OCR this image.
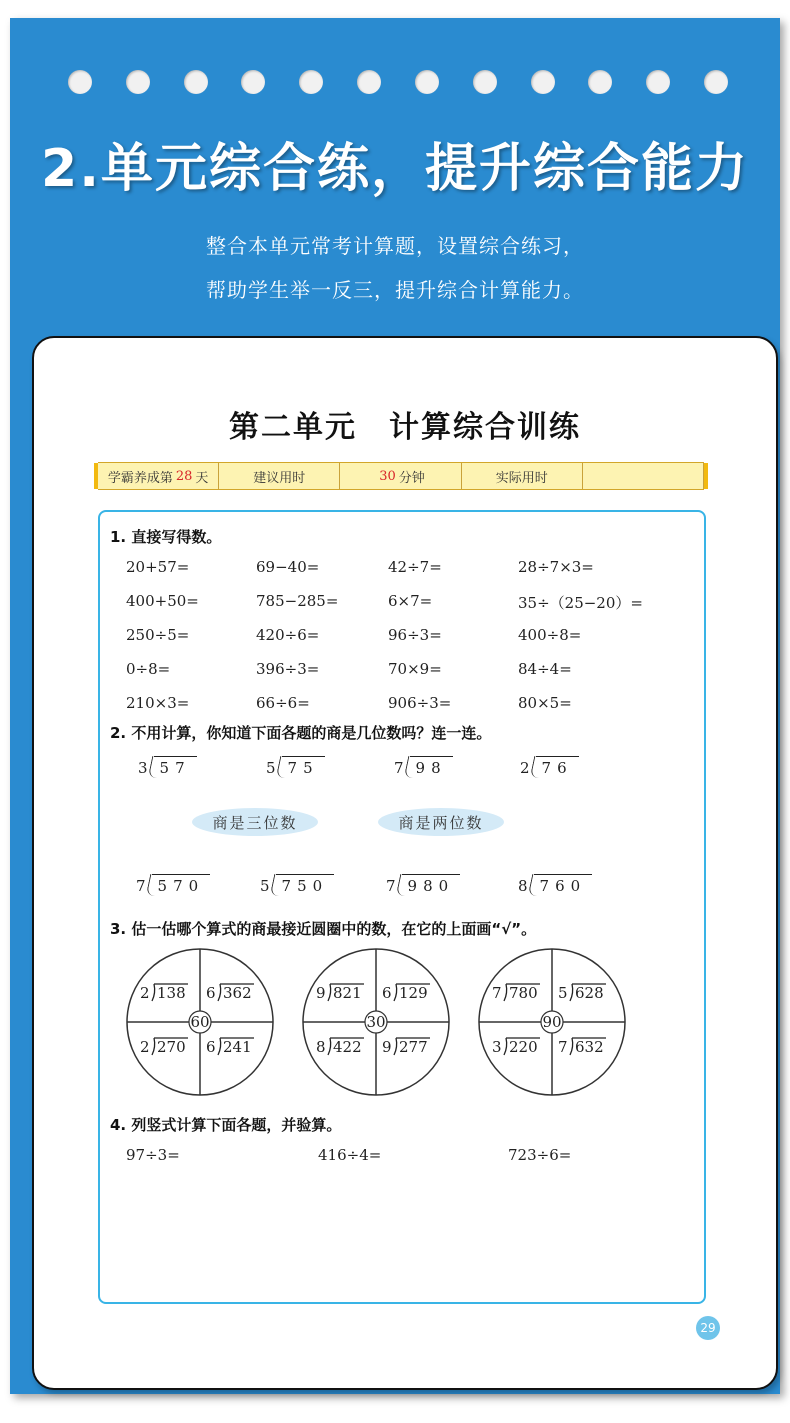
2.单元综合练，提升综合能力
整合本单元常考计算题，设置综合练习，
帮助学生举一反三，提升综合计算能力。
第二单元 计算综合训练
学霸养成第 28 天	建议用时	30 分钟	实际用时
1. 直接写得数。
20+57=	69−40=	42÷7=	28÷7×3=
400+50=	785−285=	6×7=	35÷（25−20）=
250÷5=	420÷6=	96÷3=	400÷8=
0÷8=	396÷3=	70×9=	84÷4=
210×3=	66÷6=	906÷3=	80×5=
2. 不用计算，你知道下面各题的商是几位数吗？连一连。
3 57	5 75	7 98	2 76
商是三位数	商是两位数
7 570	5 750	7 980	8 760
3. 估一估哪个算式的商最接近圆圈中的数，在它的上面画“√”。
60
2 138 6 362
2 270 6 241
30
9 821 6 129
8 422 9 277
90
7 780 5 628
3 220 7 632
4. 列竖式计算下面各题，并验算。
97÷3=	416÷4=	723÷6=
29
